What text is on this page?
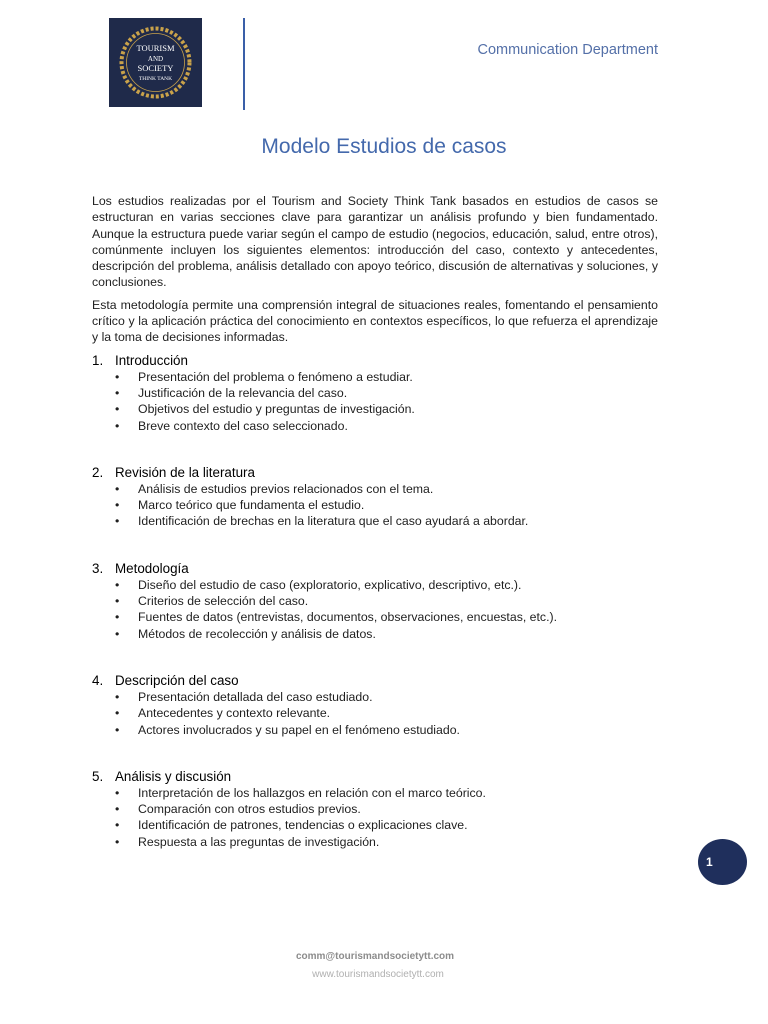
TOURISM
AND
SOCIETY
THINK TANK
Communication Department
Modelo Estudios de casos

Los estudios realizadas por el Tourism and Society Think Tank basados en estudios de casos se estructuran en varias secciones clave para garantizar un análisis profundo y bien fundamentado. Aunque la estructura puede variar según el campo de estudio (negocios, educación, salud, entre otros), comúnmente incluyen los siguientes elementos: introducción del caso, contexto y antecedentes, descripción del problema, análisis detallado con apoyo teórico, discusión de alternativas y soluciones, y conclusiones.

Esta metodología permite una comprensión integral de situaciones reales, fomentando el pensamiento crítico y la aplicación práctica del conocimiento en contextos específicos, lo que refuerza el aprendizaje y la toma de decisiones informadas.

1. Introducción
• Presentación del problema o fenómeno a estudiar.
• Justificación de la relevancia del caso.
• Objetivos del estudio y preguntas de investigación.
• Breve contexto del caso seleccionado.
2. Revisión de la literatura
• Análisis de estudios previos relacionados con el tema.
• Marco teórico que fundamenta el estudio.
• Identificación de brechas en la literatura que el caso ayudará a abordar.
3. Metodología
• Diseño del estudio de caso (exploratorio, explicativo, descriptivo, etc.).
• Criterios de selección del caso.
• Fuentes de datos (entrevistas, documentos, observaciones, encuestas, etc.).
• Métodos de recolección y análisis de datos.
4. Descripción del caso
• Presentación detallada del caso estudiado.
• Antecedentes y contexto relevante.
• Actores involucrados y su papel en el fenómeno estudiado.
5. Análisis y discusión
• Interpretación de los hallazgos en relación con el marco teórico.
• Comparación con otros estudios previos.
• Identificación de patrones, tendencias o explicaciones clave.
• Respuesta a las preguntas de investigación.
1
comm@tourismandsocietytt.com
www.tourismandsocietytt.com
